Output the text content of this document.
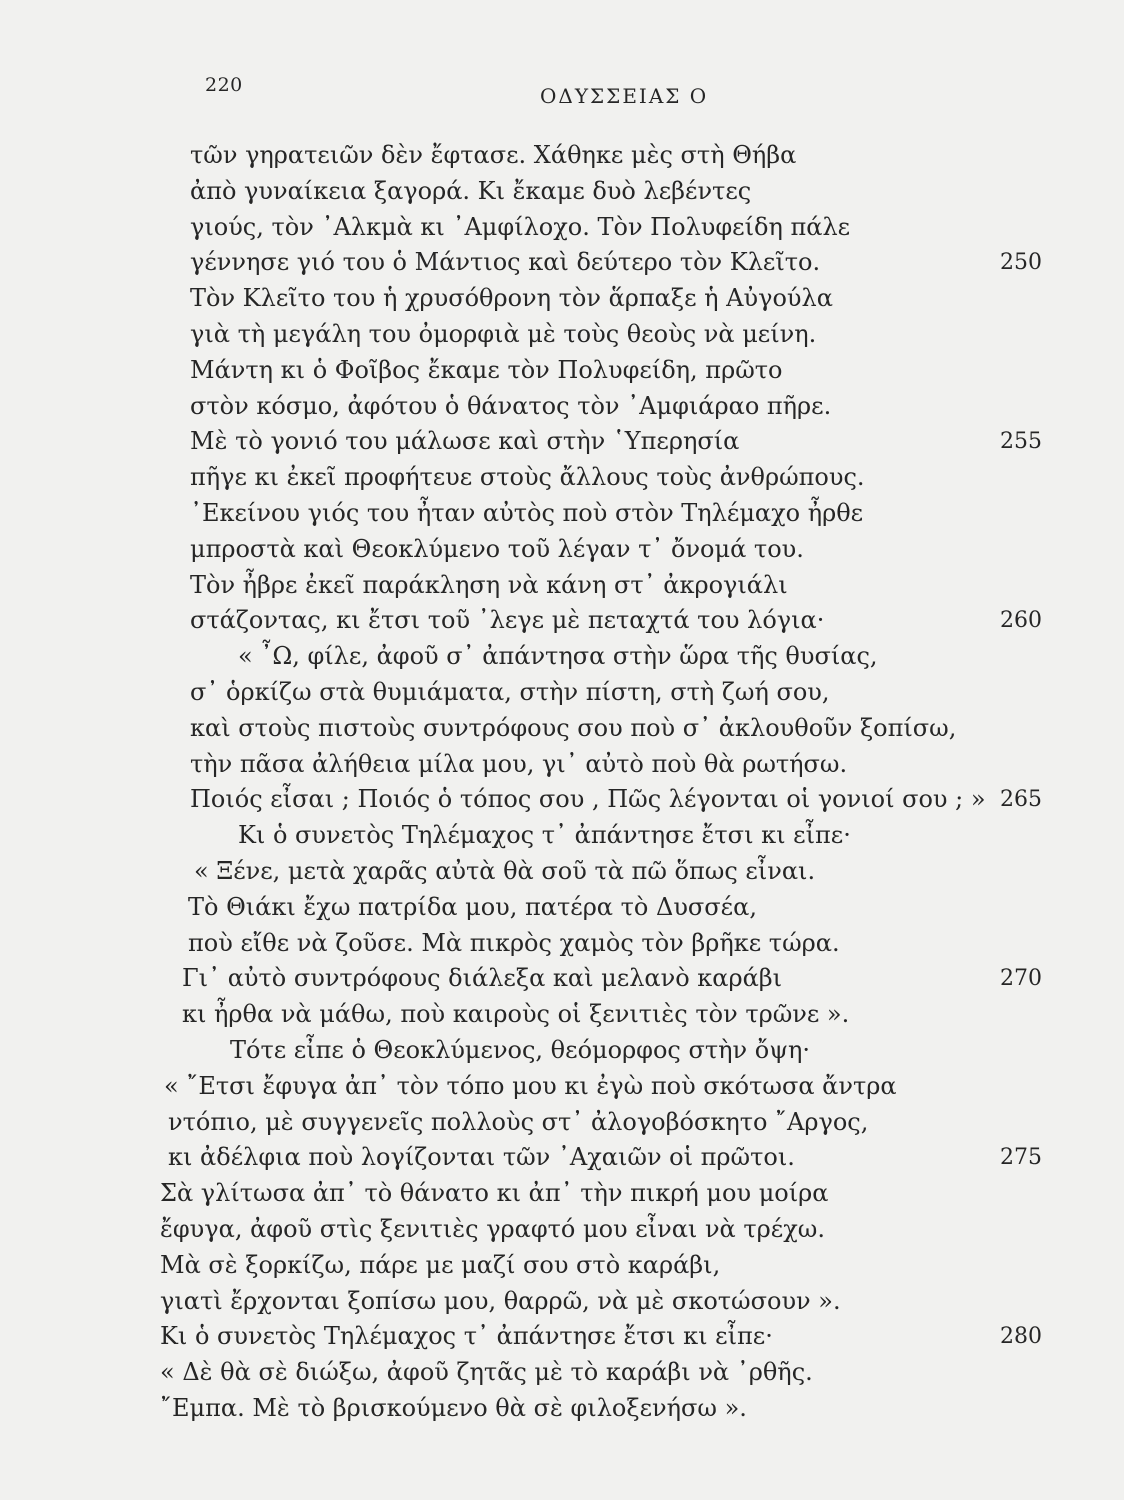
220	ΟΔΥΣΣΕΙΑΣ Ο
τῶν γηρατειῶν δὲν ἔφτασε. Χάθηκε μὲς στὴ Θήβα
ἀπὸ γυναίκεια ξαγορά. Κι ἔκαμε δυὸ λεβέντες
γιούς, τὸν ᾿Αλκμὰ κι ᾿Αμφίλοχο. Τὸν Πολυφείδη πάλε
γέννησε γιό του ὁ Μάντιος καὶ δεύτερο τὸν Κλεῖτο.	250
Τὸν Κλεῖτο του ἡ χρυσόθρονη τὸν ἅρπαξε ἡ Αὐγούλα
γιὰ τὴ μεγάλη του ὀμορφιὰ μὲ τοὺς θεοὺς νὰ μείνη.
Μάντη κι ὁ Φοῖβος ἔκαμε τὸν Πολυφείδη, πρῶτο
στὸν κόσμο, ἀφότου ὁ θάνατος τὸν ᾿Αμφιάραο πῆρε.
Μὲ τὸ γονιό του μάλωσε καὶ στὴν ῾Υπερησία	255
πῆγε κι ἐκεῖ προφήτευε στοὺς ἄλλους τοὺς ἀνθρώπους.
᾿Εκείνου γιός του ἦταν αὐτὸς ποὺ στὸν Τηλέμαχο ἦρθε
μπροστὰ καὶ Θεοκλύμενο τοῦ λέγαν τ᾿ ὄνομά του.
Τὸν ἦβρε ἐκεῖ παράκληση νὰ κάνη στ᾿ ἀκρογιάλι
στάζοντας, κι ἔτσι τοῦ ᾿λεγε μὲ πεταχτά του λόγια·	260
« ῏Ω, φίλε, ἀφοῦ σ᾿ ἀπάντησα στὴν ὥρα τῆς θυσίας,
σ᾿ ὁρκίζω στὰ θυμιάματα, στὴν πίστη, στὴ ζωή σου,
καὶ στοὺς πιστοὺς συντρόφους σου ποὺ σ᾿ ἀκλουθοῦν ξοπίσω,
τὴν πᾶσα ἀλήθεια μίλα μου, γι᾿ αὐτὸ ποὺ θὰ ρωτήσω.
Ποιός εἶσαι ; Ποιός ὁ τόπος σου , Πῶς λέγονται οἱ γονιοί σου ; » 265
Κι ὁ συνετὸς Τηλέμαχος τ᾿ ἀπάντησε ἔτσι κι εἶπε·
« Ξένε, μετὰ χαρᾶς αὐτὰ θὰ σοῦ τὰ πῶ ὅπως εἶναι.
Τὸ Θιάκι ἔχω πατρίδα μου, πατέρα τὸ Δυσσέα,
ποὺ εἴθε νὰ ζοῦσε. Μὰ πικρὸς χαμὸς τὸν βρῆκε τώρα.
Γι᾿ αὐτὸ συντρόφους διάλεξα καὶ μελανὸ καράβι	270
κι ἦρθα νὰ μάθω, ποὺ καιροὺς οἱ ξενιτιὲς τὸν τρῶνε ».
Τότε εἶπε ὁ Θεοκλύμενος, θεόμορφος στὴν ὄψη·
« ῎Ετσι ἔφυγα ἀπ᾿ τὸν τόπο μου κι ἐγὼ ποὺ σκότωσα ἄντρα
ντόπιο, μὲ συγγενεῖς πολλοὺς στ᾿ ἀλογοβόσκητο ῎Αργος,
κι ἀδέλφια ποὺ λογίζονται τῶν ᾿Αχαιῶν οἱ πρῶτοι.	275
Σὰ γλίτωσα ἀπ᾿ τὸ θάνατο κι ἀπ᾿ τὴν πικρή μου μοίρα
ἔφυγα, ἀφοῦ στὶς ξενιτιὲς γραφτό μου εἶναι νὰ τρέχω.
Μὰ σὲ ξορκίζω, πάρε με μαζί σου στὸ καράβι,
γιατὶ ἔρχονται ξοπίσω μου, θαρρῶ, νὰ μὲ σκοτώσουν ».
Κι ὁ συνετὸς Τηλέμαχος τ᾿ ἀπάντησε ἔτσι κι εἶπε·	280
« Δὲ θὰ σὲ διώξω, ἀφοῦ ζητᾶς μὲ τὸ καράβι νὰ ᾿ρθῆς.
῎Εμπα. Μὲ τὸ βρισκούμενο θὰ σὲ φιλοξενήσω ».
